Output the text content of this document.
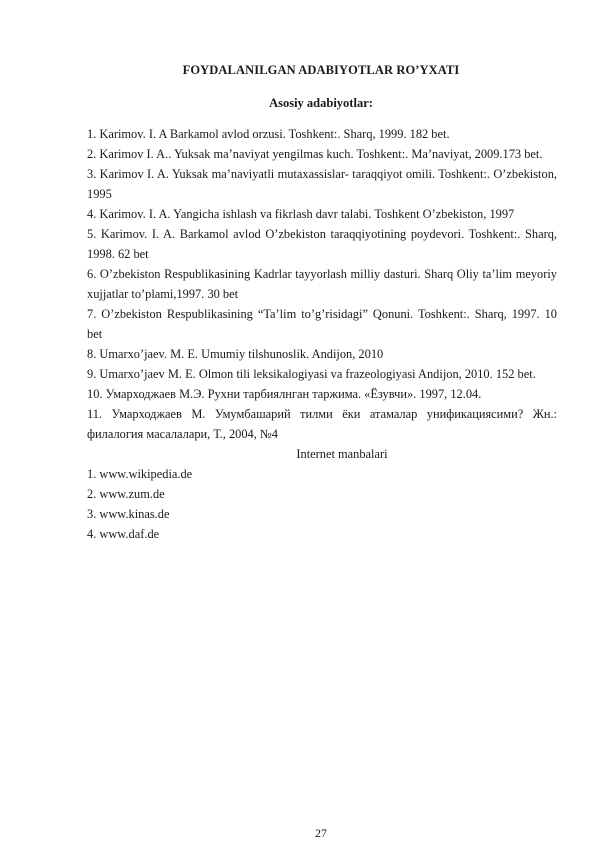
FOYDALANILGAN ADABIYOTLAR RO’YXATI
Asosiy adabiyotlar:

1. Karimov. I. A Barkamol avlod orzusi. Toshkent:. Sharq, 1999. 182 bet.

2. Karimov I. A.. Yuksak ma’naviyat yengilmas kuch. Toshkent:. Ma’naviyat, 2009.173 bet.

3. Karimov I. A. Yuksak ma’naviyatli mutaxassislar- taraqqiyot omili. Toshkent:. O’zbekiston, 1995

4. Karimov. I. A. Yangicha ishlash va fikrlash davr talabi. Toshkent O’zbekiston, 1997

5. Karimov. I. A. Barkamol avlod O’zbekiston taraqqiyotining poydevori. Toshkent:. Sharq, 1998. 62 bet

6. O’zbekiston Respublikasining Kadrlar tayyorlash milliy dasturi. Sharq Oliy ta’lim meyoriy xujjatlar to’plami,1997. 30 bet

7. O’zbekiston Respublikasining “Ta’lim to’g’risidagi” Qonuni. Toshkent:. Sharq, 1997. 10 bet

8. Umarxo’jaev. M. E. Umumiy tilshunoslik. Andijon, 2010

9. Umarxo’jaev M. E. Olmon tili leksikalogiyasi va frazeologiyasi Andijon, 2010. 152 bet.

10. Умарходжаев М.Э. Рухни тарбиялнган таржима. «Ёзувчи». 1997, 12.04.

11. Умарходжаев М. Умумбашарий тилми ёки атамалар унификациясими? Жн.: филалогия масалалари, Т., 2004, №4

Internet manbalari

1. www.wikipedia.de

2. www.zum.de

3. www.kinas.de

4. www.daf.de

27
